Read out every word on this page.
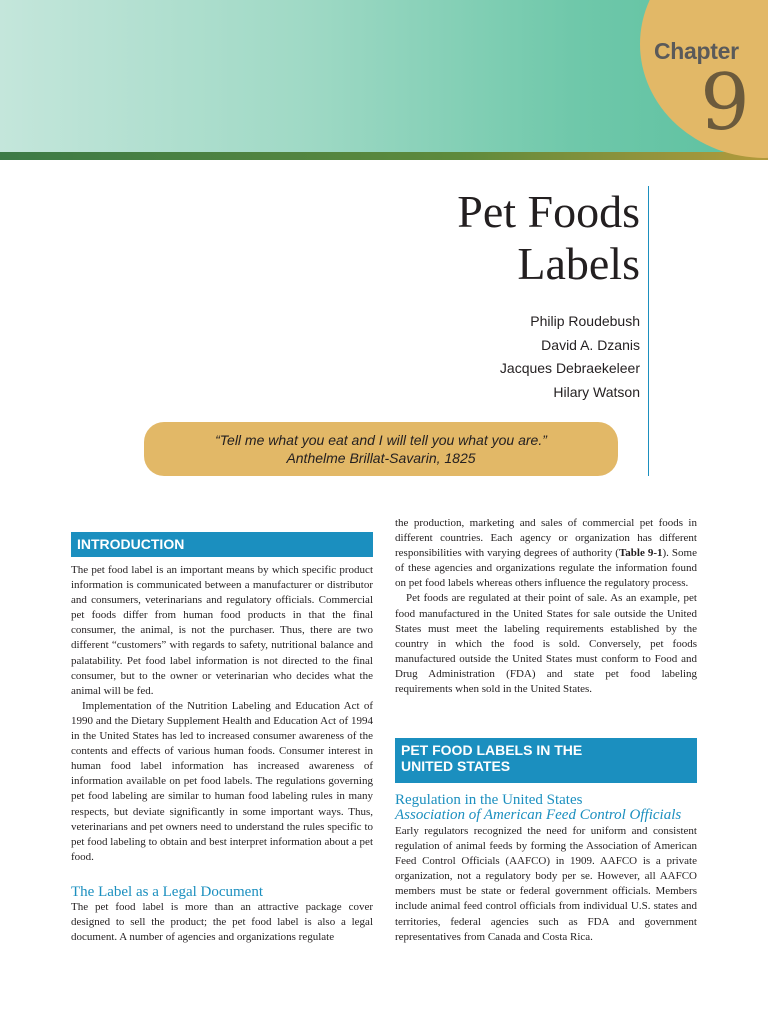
Chapter
9
Pet Foods
Labels
Philip Roudebush
David A. Dzanis
Jacques Debraekeleer
Hilary Watson
“Tell me what you eat and I will tell you what you are.”
Anthelme Brillat-Savarin, 1825
INTRODUCTION

The pet food label is an important means by which specific product information is communicated between a manufacturer or distributor and consumers, veterinarians and regulatory officials. Commercial pet foods differ from human food products in that the final consumer, the animal, is not the purchaser. Thus, there are two different “customers” with regards to safety, nutritional balance and palatability. Pet food label information is not directed to the final consumer, but to the owner or veterinarian who decides what the animal will be fed.

Implementation of the Nutrition Labeling and Education Act of 1990 and the Dietary Supplement Health and Education Act of 1994 in the United States has led to increased consumer awareness of the contents and effects of various human foods. Consumer interest in human food label information has increased awareness of information available on pet food labels. The regulations governing pet food labeling are similar to human food labeling rules in many respects, but deviate significantly in some important ways. Thus, veterinarians and pet owners need to understand the rules specific to pet food labeling to obtain and best interpret information about a pet food.

The Label as a Legal Document

The pet food label is more than an attractive package cover designed to sell the product; the pet food label is also a legal document. A number of agencies and organizations regulate

the production, marketing and sales of commercial pet foods in different countries. Each agency or organization has different responsibilities with varying degrees of authority (Table 9-1). Some of these agencies and organizations regulate the information found on pet food labels whereas others influence the regulatory process.

Pet foods are regulated at their point of sale. As an example, pet food manufactured in the United States for sale outside the United States must meet the labeling requirements established by the country in which the food is sold. Conversely, pet foods manufactured outside the United States must conform to Food and Drug Administration (FDA) and state pet food labeling requirements when sold in the United States.

PET FOOD LABELS IN THE
UNITED STATES
Regulation in the United States
Association of American Feed Control Officials

Early regulators recognized the need for uniform and consistent regulation of animal feeds by forming the Association of American Feed Control Officials (AAFCO) in 1909. AAFCO is a private organization, not a regulatory body per se. However, all AAFCO members must be state or federal government officials. Members include animal feed control officials from individual U.S. states and territories, federal agencies such as FDA and government representatives from Canada and Costa Rica.
